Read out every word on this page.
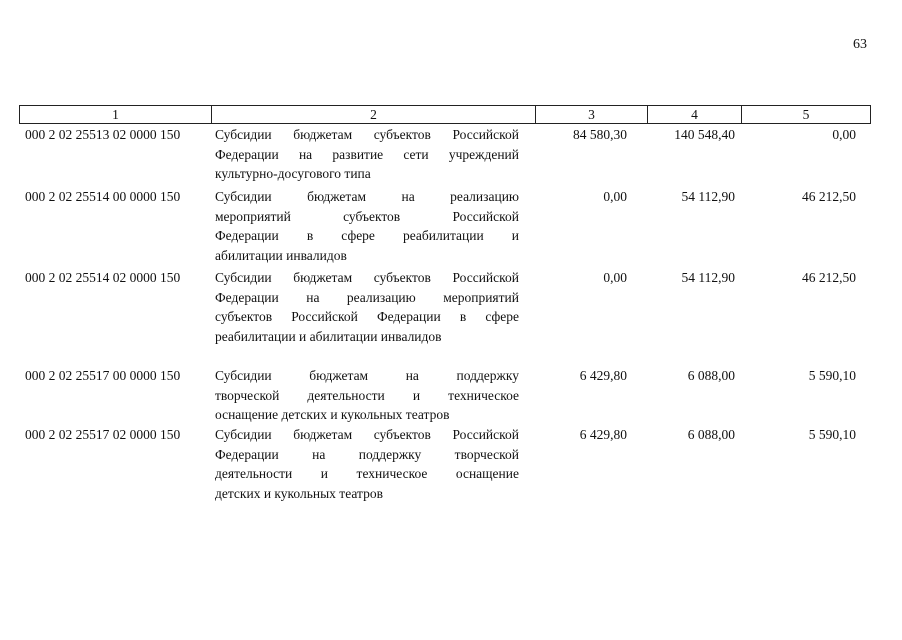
63
1	2	3	4	5
000 2 02 25513 02 0000 150	Субсидии бюджетам субъектов Российской
Федерации на развитие сети учреждений
культурно-досугового типа
84 580,30	140 548,40	0,00
000 2 02 25514 00 0000 150	Субсидии бюджетам на реализацию
мероприятий субъектов Российской
Федерации в сфере реабилитации и
абилитации инвалидов
0,00	54 112,90	46 212,50
000 2 02 25514 02 0000 150	Субсидии бюджетам субъектов Российской
Федерации на реализацию мероприятий
субъектов Российской Федерации в сфере
реабилитации и абилитации инвалидов
0,00	54 112,90	46 212,50
000 2 02 25517 00 0000 150	Субсидии бюджетам на поддержку
творческой деятельности и техническое
оснащение детских и кукольных театров
6 429,80	6 088,00	5 590,10
000 2 02 25517 02 0000 150	Субсидии бюджетам субъектов Российской
Федерации на поддержку творческой
деятельности и техническое оснащение
детских и кукольных театров
6 429,80	6 088,00	5 590,10
